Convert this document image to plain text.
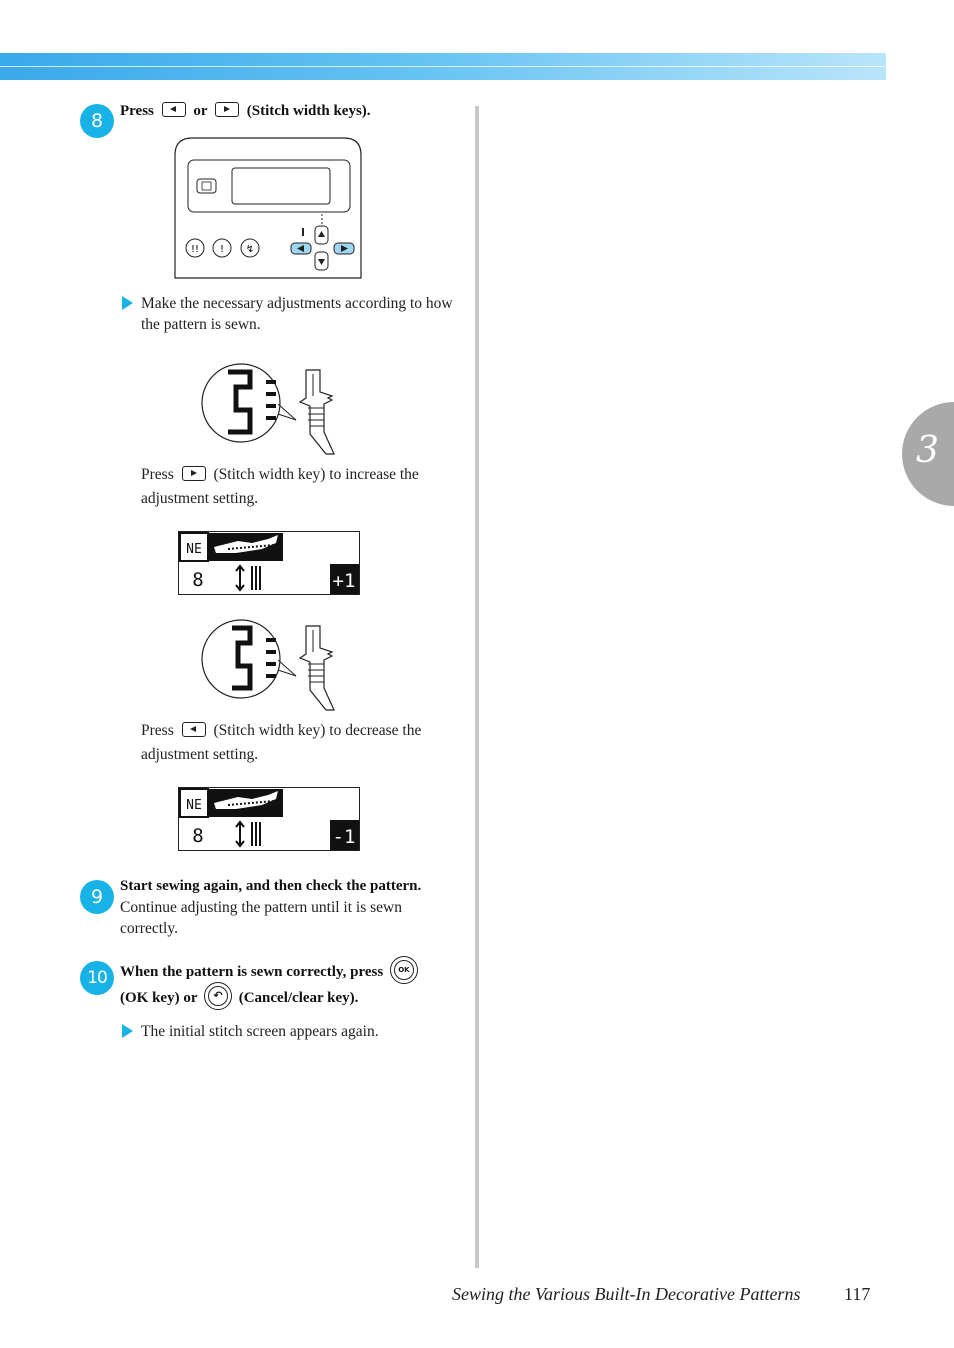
3
8	Press	or	(Stitch width keys).
!! ! ↯
Make the necessary adjustments according to how the pattern is sewn.
Press	(Stitch width key) to increase the adjustment setting.
NE
+1
8
Press	(Stitch width key) to decrease the adjustment setting.
NE
-1
8
9	Start sewing again, and then check the pattern.
Continue adjusting the pattern until it is sewn correctly.
10 When the pattern is sewn correctly, press	OK
(OK key) or	↶	(Cancel/clear key).
The initial stitch screen appears again.
Sewing the Various Built-In Decorative Patterns 117
